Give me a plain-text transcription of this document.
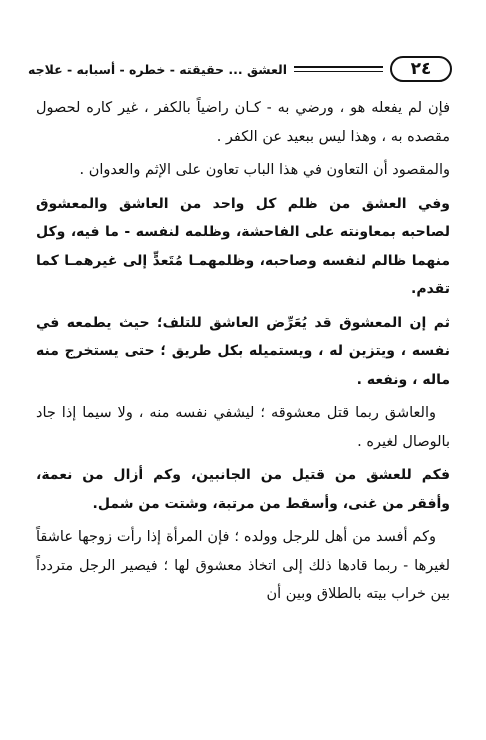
العشق ... حقيقته - خطره - أسبابه - علاجه	٢٤

فإن لم يفعله هو ، ورضي به - كـان راضياً بالكفر ، غير كاره لحصول مقصده به ، وهذا ليس ببعيد عن الكفر .

والمقصود أن التعاون في هذا الباب تعاون على الإثم والعدوان .

وفي العشق من ظلم كل واحد من العاشق والمعشوق لصاحبه بمعاونته على الفاحشة، وظلمه لنفسه - ما فيه، وكل منهما ظالم لنفسه وصاحبه، وظلمهمـا مُتَعدٍّ إلى غيرهمـا كما تقدم.

ثم إن المعشوق قد يُعَرِّض العاشق للتلف؛ حيث يطمعه في نفسه ، ويتزين له ، ويستميله بكل طريق ؛ حتى يستخرج منه ماله ، ونفعه .

والعاشق ربما قتل معشوقه ؛ ليشفي نفسه منه ، ولا سيما إذا جاد بالوصال لغيره .

فكم للعشق من قتيل من الجانبين، وكم أزال من نعمة، وأفقر من غنى، وأسقط من مرتبة، وشتت من شمل.

وكم أفسد من أهل للرجل وولده ؛ فإن المرأة إذا رأت زوجها عاشقاً لغيرها - ربما قادها ذلك إلى اتخاذ معشوق لها ؛ فيصير الرجل متردداً بين خراب بيته بالطلاق وبين أن
